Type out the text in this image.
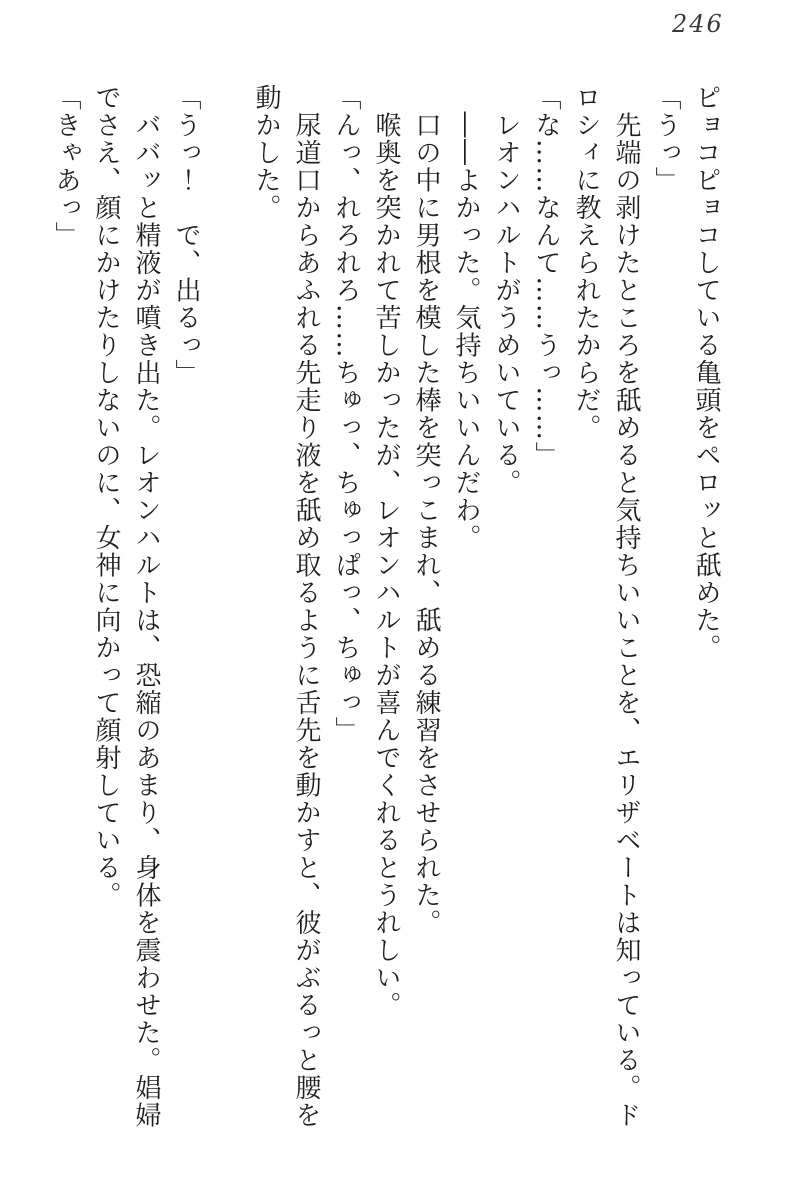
246
ピョコピョコしている亀頭をペロッと舐めた。
「うっ」
　先端の剥けたところを舐めると気持ちいいことを、エリザベートは知っている。ド
ロシィに教えられたからだ。
「な……なんて……うっ……」
　レオンハルトがうめいている。
　――よかった。気持ちいいんだわ。
　口の中に男根を模した棒を突っこまれ、舐める練習をさせられた。
　喉奥を突かれて苦しかったが、レオンハルトが喜んでくれるとうれしい。
「んっ、れろれろ……ちゅっ、ちゅっぱっ、ちゅっ」
　尿道口からあふれる先走り液を舐め取るように舌先を動かすと、彼がぶるっと腰を
動かした。

「うっ！　で、出るっ」
　ババッと精液が噴き出た。レオンハルトは、恐縮のあまり、身体を震わせた。娼婦
でさえ、顔にかけたりしないのに、女神に向かって顔射している。
「きゃあっ」
